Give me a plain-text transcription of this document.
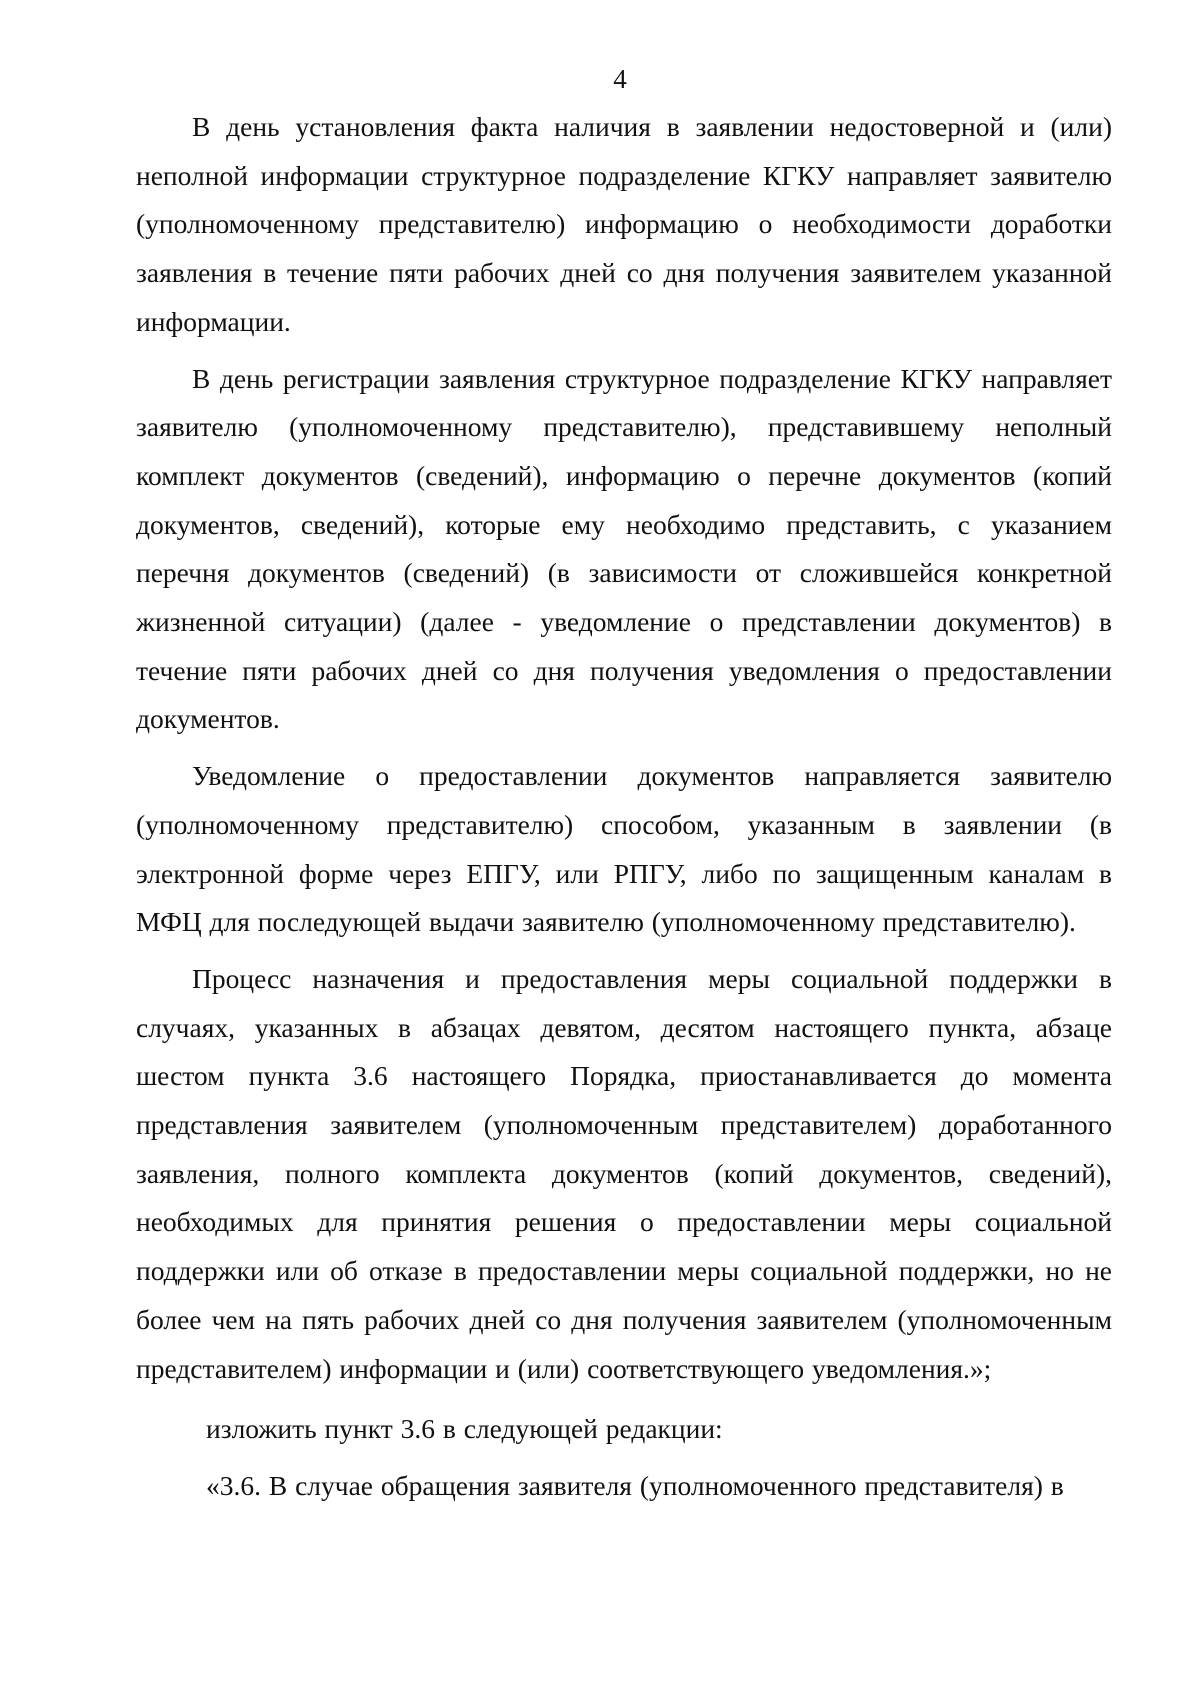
4

В день установления факта наличия в заявлении недостоверной и (или) неполной информации структурное подразделение КГКУ направляет заявителю (уполномоченному представителю) информацию о необходимости доработки заявления в течение пяти рабочих дней со дня получения заявителем указанной информации.

В день регистрации заявления структурное подразделение КГКУ направляет заявителю (уполномоченному представителю), представившему неполный комплект документов (сведений), информацию о перечне документов (копий документов, сведений), которые ему необходимо представить, с указанием перечня документов (сведений) (в зависимости от сложившейся конкретной жизненной ситуации) (далее - уведомление о представлении документов) в течение пяти рабочих дней со дня получения уведомления о предоставлении документов.

Уведомление о предоставлении документов направляется заявителю (уполномоченному представителю) способом, указанным в заявлении (в электронной форме через ЕПГУ, или РПГУ, либо по защищенным каналам в МФЦ для последующей выдачи заявителю (уполномоченному представителю).

Процесс назначения и предоставления меры социальной поддержки в случаях, указанных в абзацах девятом, десятом настоящего пункта, абзаце шестом пункта 3.6 настоящего Порядка, приостанавливается до момента представления заявителем (уполномоченным представителем) доработанного заявления, полного комплекта документов (копий документов, сведений), необходимых для принятия решения о предоставлении меры социальной поддержки или об отказе в предоставлении меры социальной поддержки, но не более чем на пять рабочих дней со дня получения заявителем (уполномоченным представителем) информации и (или) соответствующего уведомления.»;

изложить пункт 3.6 в следующей редакции:

«3.6. В случае обращения заявителя (уполномоченного представителя) в
